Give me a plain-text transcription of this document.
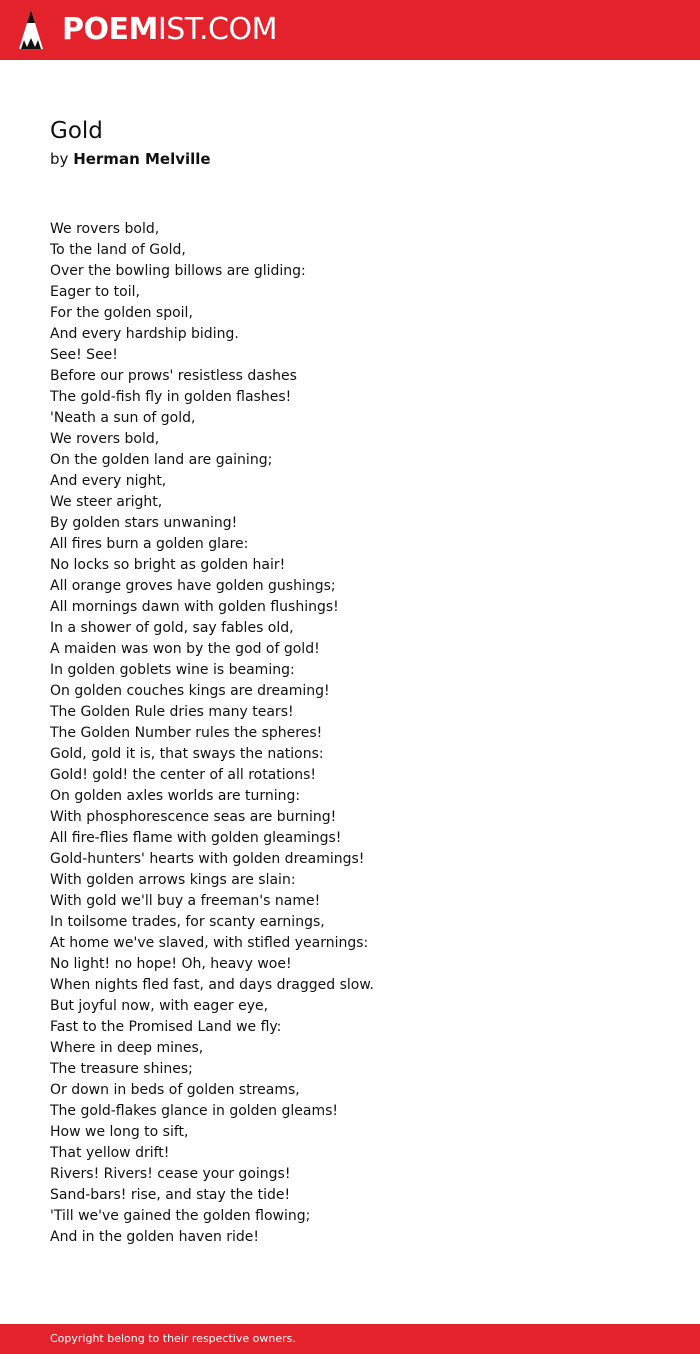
POEMIST.COM
Gold
by Herman Melville
We rovers bold,
To the land of Gold,
Over the bowling billows are gliding:
Eager to toil,
For the golden spoil,
And every hardship biding.
See! See!
Before our prows' resistless dashes
The gold-fish fly in golden flashes!
'Neath a sun of gold,
We rovers bold,
On the golden land are gaining;
And every night,
We steer aright,
By golden stars unwaning!
All fires burn a golden glare:
No locks so bright as golden hair!
All orange groves have golden gushings;
All mornings dawn with golden flushings!
In a shower of gold, say fables old,
A maiden was won by the god of gold!
In golden goblets wine is beaming:
On golden couches kings are dreaming!
The Golden Rule dries many tears!
The Golden Number rules the spheres!
Gold, gold it is, that sways the nations:
Gold! gold! the center of all rotations!
On golden axles worlds are turning:
With phosphorescence seas are burning!
All fire-flies flame with golden gleamings!
Gold-hunters' hearts with golden dreamings!
With golden arrows kings are slain:
With gold we'll buy a freeman's name!
In toilsome trades, for scanty earnings,
At home we've slaved, with stifled yearnings:
No light! no hope! Oh, heavy woe!
When nights fled fast, and days dragged slow.
But joyful now, with eager eye,
Fast to the Promised Land we fly:
Where in deep mines,
The treasure shines;
Or down in beds of golden streams,
The gold-flakes glance in golden gleams!
How we long to sift,
That yellow drift!
Rivers! Rivers! cease your goings!
Sand-bars! rise, and stay the tide!
'Till we've gained the golden flowing;
And in the golden haven ride!
Copyright belong to their respective owners.
